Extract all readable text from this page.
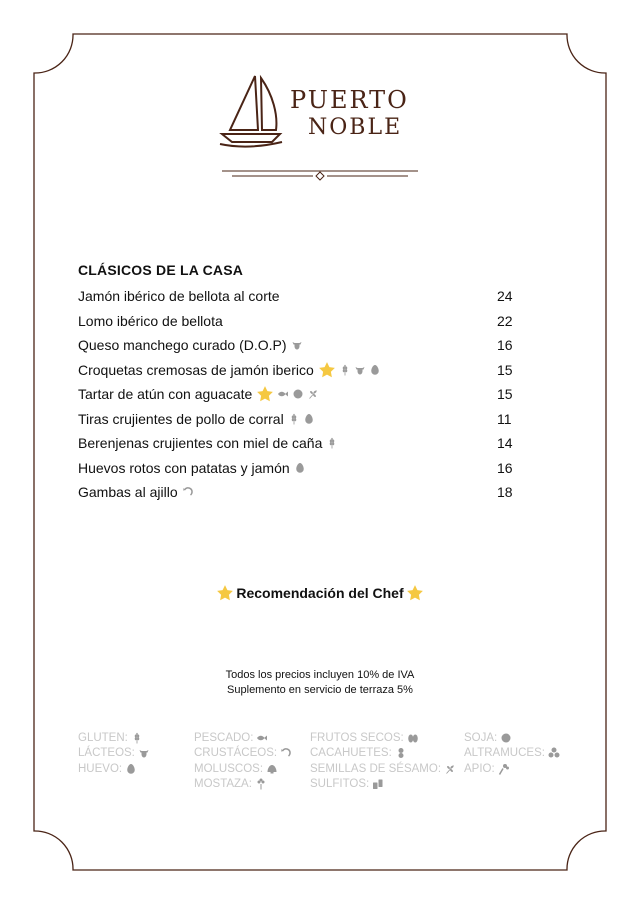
PUERTO
NOBLE
CLÁSICOS DE LA CASA
Jamón ibérico de bellota al corte	24
Lomo ibérico de bellota	22
Queso manchego curado (D.O.P)	16
Croquetas cremosas de jamón iberico	15
Tartar de atún con aguacate	15
Tiras crujientes de pollo de corral	11
Berenjenas crujientes con miel de caña	14
Huevos rotos con patatas y jamón	16
Gambas al ajillo	18
Recomendación del Chef
Todos los precios incluyen 10% de IVA
Suplemento en servicio de terraza 5%
GLUTEN:
LÁCTEOS:
HUEVO:
PESCADO:
CRUSTÁCEOS:
MOLUSCOS:
MOSTAZA:
FRUTOS SECOS:
CACAHUETES:
SEMILLAS DE SÉSAMO:
SULFITOS:
SOJA:
ALTRAMUCES:
APIO:
